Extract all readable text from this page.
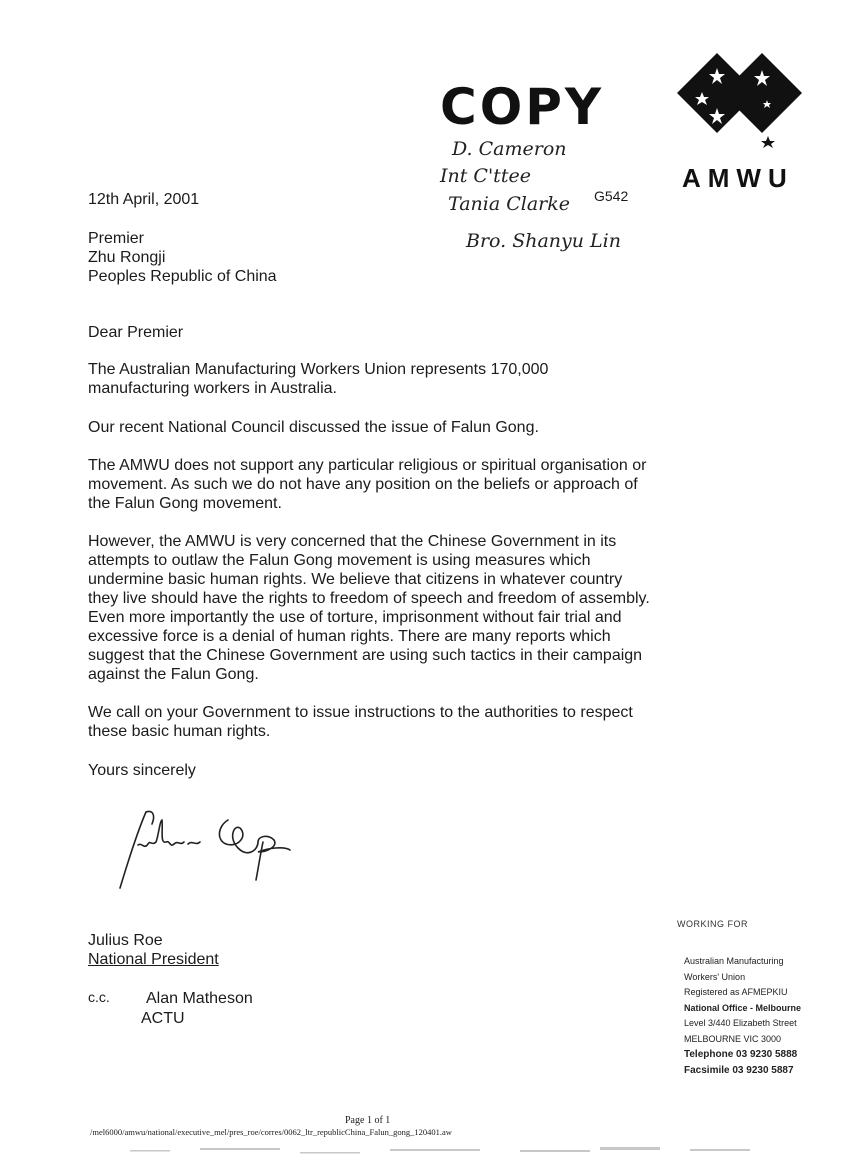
COPY
D. Cameron
Int C'ttee
Tania Clarke
Bro. Shanyu Lin
G542
AMWU
12th April, 2001
Premier
Zhu Rongji
Peoples Republic of China
Dear Premier
The Australian Manufacturing Workers Union represents 170,000
manufacturing workers in Australia.
Our recent National Council discussed the issue of Falun Gong.
The AMWU does not support any particular religious or spiritual organisation or
movement. As such we do not have any position on the beliefs or approach of
the Falun Gong movement.
However, the AMWU is very concerned that the Chinese Government in its
attempts to outlaw the Falun Gong movement is using measures which
undermine basic human rights. We believe that citizens in whatever country
they live should have the rights to freedom of speech and freedom of assembly.
Even more importantly the use of torture, imprisonment without fair trial and
excessive force is a denial of human rights. There are many reports which
suggest that the Chinese Government are using such tactics in their campaign
against the Falun Gong.
We call on your Government to issue instructions to the authorities to respect
these basic human rights.
Yours sincerely
Julius Roe
National President
c.c. Alan Matheson
ACTU
WORKING FOR
Australian Manufacturing
Workers' Union
Registered as AFMEPKIU
National Office - Melbourne
Level 3/440 Elizabeth Street
MELBOURNE VIC 3000
Telephone 03 9230 5888
Facsimile 03 9230 5887
Page 1 of 1
/mel6000/amwu/national/executive_mel/pres_roe/corres/0062_ltr_republicChina_Falun_gong_120401.aw
